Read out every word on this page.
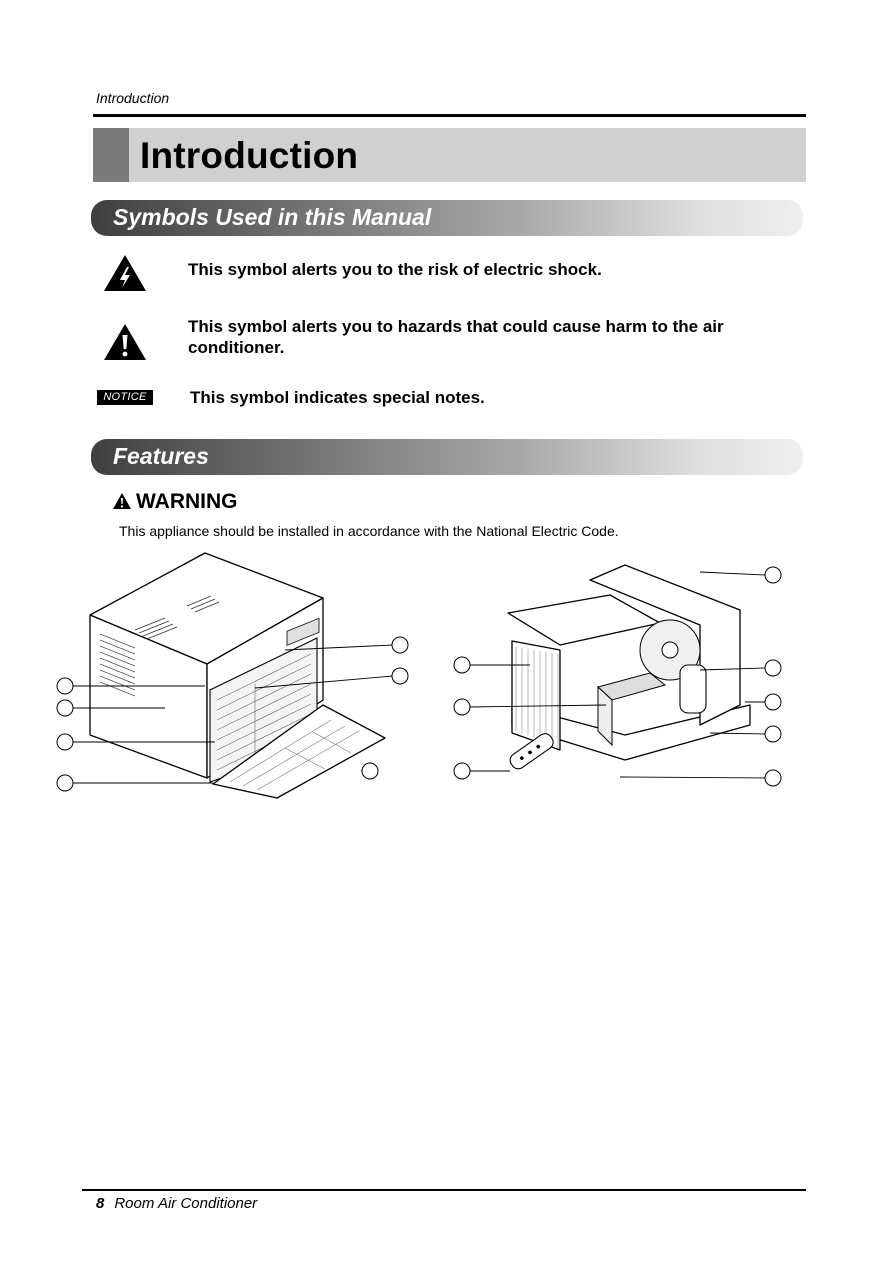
Introduction
Introduction
Symbols Used in this Manual
This symbol alerts you to the risk of electric shock.
This symbol alerts you to hazards that could cause harm to the air conditioner.
NOTICE	This symbol indicates special notes.
Features
WARNING
This appliance should be installed in accordance with the National Electric Code.
8 Room Air Conditioner
